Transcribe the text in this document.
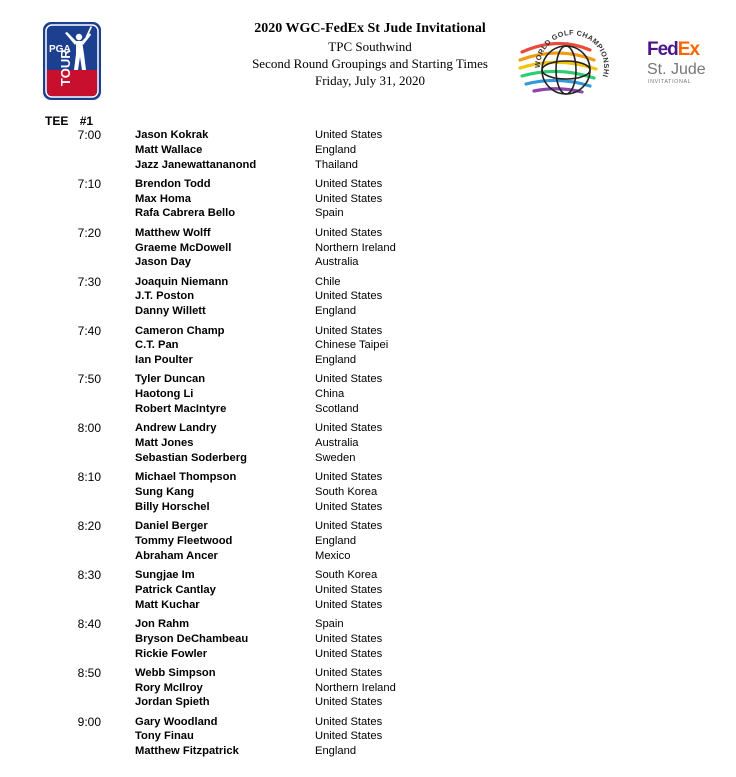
PGA
TOUR
2020 WGC-FedEx St Jude Invitational
TPC Southwind
Second Round Groupings and Starting Times
Friday, July 31, 2020
WORLD GOLF CHAMPIONSHI
FedEx
St. Jude
INVITATIONAL
TEE #1
7:00	Jason Kokrak	United States
Matt Wallace	England
Jazz Janewattananond	Thailand
7:10	Brendon Todd	United States
Max Homa	United States
Rafa Cabrera Bello	Spain
7:20	Matthew Wolff	United States
Graeme McDowell	Northern Ireland
Jason Day	Australia
7:30	Joaquin Niemann	Chile
J.T. Poston	United States
Danny Willett	England
7:40	Cameron Champ	United States
C.T. Pan	Chinese Taipei
Ian Poulter	England
7:50	Tyler Duncan	United States
Haotong Li	China
Robert MacIntyre	Scotland
8:00	Andrew Landry	United States
Matt Jones	Australia
Sebastian Soderberg	Sweden
8:10	Michael Thompson	United States
Sung Kang	South Korea
Billy Horschel	United States
8:20	Daniel Berger	United States
Tommy Fleetwood	England
Abraham Ancer	Mexico
8:30	Sungjae Im	South Korea
Patrick Cantlay	United States
Matt Kuchar	United States
8:40	Jon Rahm	Spain
Bryson DeChambeau	United States
Rickie Fowler	United States
8:50	Webb Simpson	United States
Rory McIlroy	Northern Ireland
Jordan Spieth	United States
9:00	Gary Woodland	United States
Tony Finau	United States
Matthew Fitzpatrick	England
